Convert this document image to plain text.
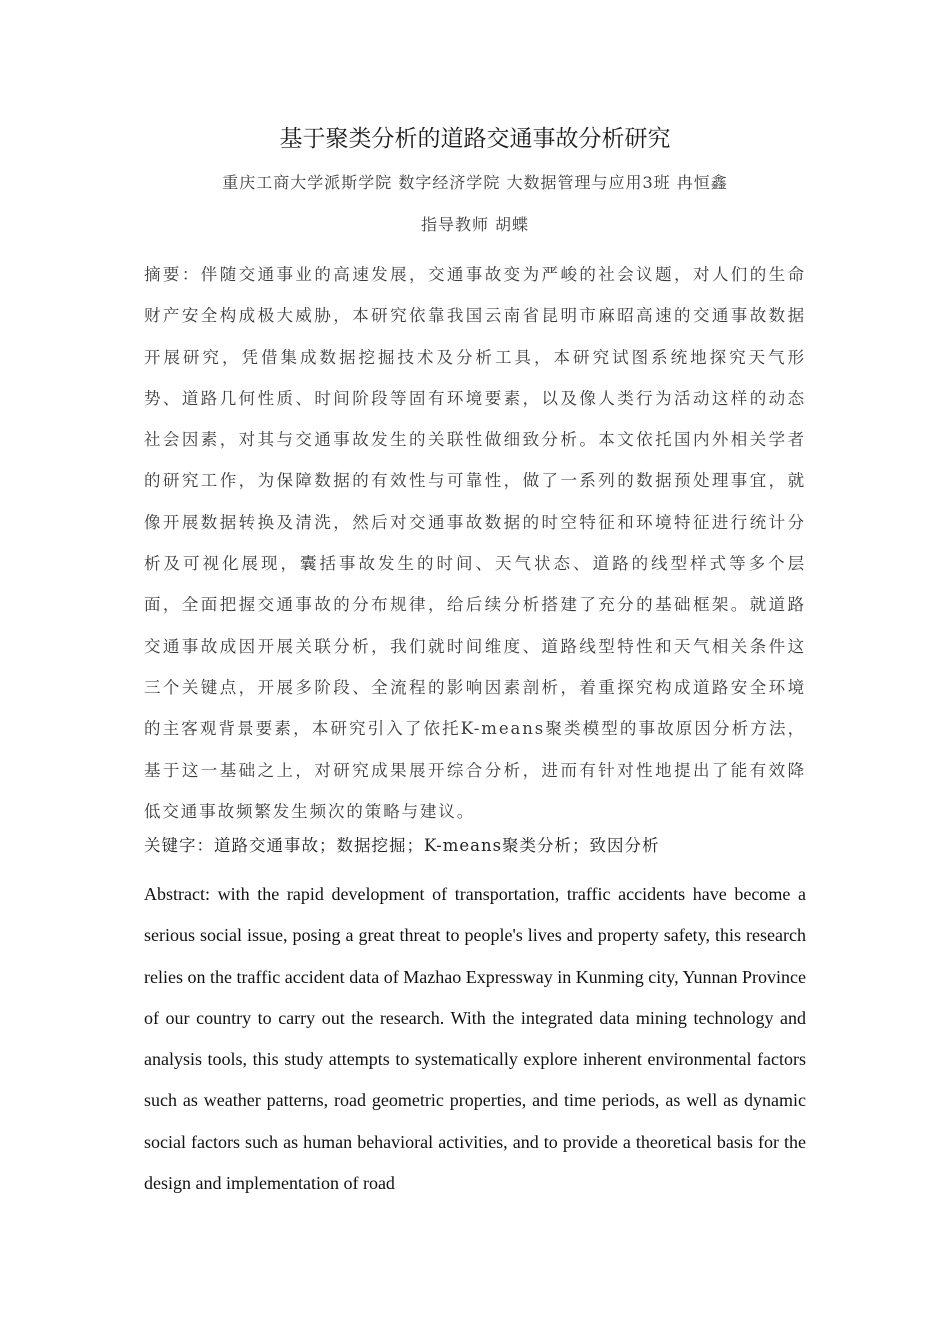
基于聚类分析的道路交通事故分析研究
重庆工商大学派斯学院 数字经济学院 大数据管理与应用3班 冉恒鑫
指导教师 胡蝶

摘要：伴随交通事业的高速发展，交通事故变为严峻的社会议题，对人们的生命财产安全构成极大威胁，本研究依靠我国云南省昆明市麻昭高速的交通事故数据开展研究，凭借集成数据挖掘技术及分析工具，本研究试图系统地探究天气形势、道路几何性质、时间阶段等固有环境要素，以及像人类行为活动这样的动态社会因素，对其与交通事故发生的关联性做细致分析。本文依托国内外相关学者的研究工作，为保障数据的有效性与可靠性，做了一系列的数据预处理事宜，就像开展数据转换及清洗，然后对交通事故数据的时空特征和环境特征进行统计分析及可视化展现，囊括事故发生的时间、天气状态、道路的线型样式等多个层面，全面把握交通事故的分布规律，给后续分析搭建了充分的基础框架。就道路交通事故成因开展关联分析，我们就时间维度、道路线型特性和天气相关条件这三个关键点，开展多阶段、全流程的影响因素剖析，着重探究构成道路安全环境的主客观背景要素，本研究引入了依托K-means聚类模型的事故原因分析方法，基于这一基础之上，对研究成果展开综合分析，进而有针对性地提出了能有效降低交通事故频繁发生频次的策略与建议。

关键字：道路交通事故；数据挖掘；K-means聚类分析；致因分析

Abstract: with the rapid development of transportation, traffic accidents have become a serious social issue, posing a great threat to people's lives and property safety, this research relies on the traffic accident data of Mazhao Expressway in Kunming city, Yunnan Province of our country to carry out the research. With the integrated data mining technology and analysis tools, this study attempts to systematically explore inherent environmental factors such as weather patterns, road geometric properties, and time periods, as well as dynamic social factors such as human behavioral activities, and to provide a theoretical basis for the design and implementation of road
